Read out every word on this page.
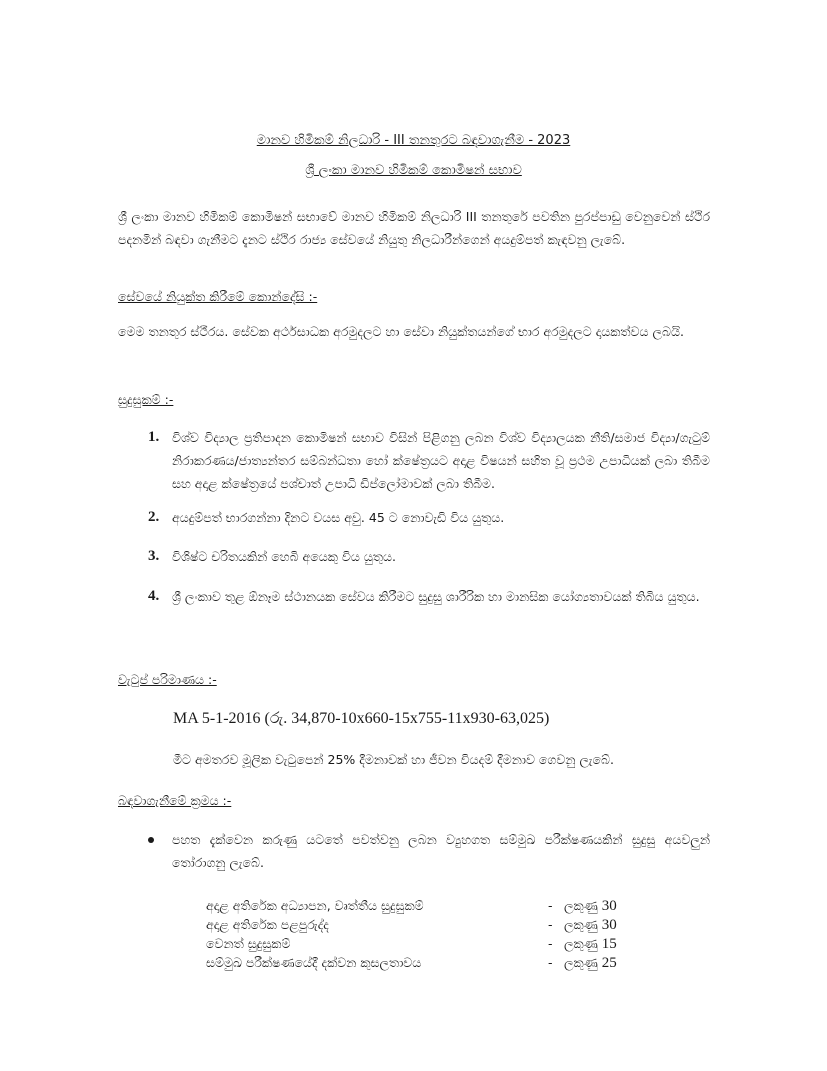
මානව හිමිකම් නිලධාරි - III තනතුරට බඳවාගැනීම - 2023
ශ්‍රී ලංකා මානව හිමිකම් කොමිෂන් සභාව
ශ්‍රී ලංකා මානව හිමිකම් කොමිෂන් සභාවේ මානව හිමිකම් නිලධාරි III තනතුරේ පවතින පුරප්පාඩු වෙනුවෙන් ස්ථිර පදනමින් බඳවා ගැනීමට දැනට ස්ථිර රාජ්‍ය සේවයේ නියුතු නිලධාරීන්ගෙන් අයදුම්පත් කැඳවනු ලැබේ.
සේවයේ නියුක්ත කිරීමේ කොන්දේසි :-
මෙම තනතුර ස්ථීරය. සේවක අර්ථසාධක අරමුදලට හා සේවා නියුක්තයන්ගේ භාර අරමුදලට දායකත්වය ලබයි.
සුදුසුකම් :-
1.	විශ්ව විද්‍යාල ප්‍රතිපාදන කොමිෂන් සභාව විසින් පිළිගනු ලබන විශ්ව විද්‍යාලයක නීති/සමාජ විද්‍යා/ගැටුම් නිරාකරණය/ජාත්‍යන්තර සම්බන්ධතා හෝ ක්ෂේත්‍රයට අදාළ විෂයන් සහිත වූ ප්‍රථම උපාධියක් ලබා තිබීම සහ අදාළ ක්ෂේත්‍රයේ පශ්චාත් උපාධි ඩිප්ලෝමාවක් ලබා තිබීම.
2.	අයදුම්පත් භාරගන්නා දිනට වයස අවු. 45 ට නොවැඩි විය යුතුය.
3.	විශිෂ්ට චරිතයකින් හෙබි අයෙකු විය යුතුය.
4.	ශ්‍රී ලංකාව තුළ ඕනෑම ස්ථානයක සේවය කිරීමට සුදුසු ශාරීරික හා මානසික යෝග්‍යතාවයක් තිබිය යුතුය.
වැටුප් පරිමාණය :-
MA 5-1-2016 (රු. 34,870-10x660-15x755-11x930-63,025)
මීට අමතරව මූලික වැටුපෙන් 25% දීමනාවක් හා ජීවන වියදම් දීමනාව ගෙවනු ලැබේ.
බඳවාගැනීමේ ක්‍රමය :-
පහත දැක්වෙන කරුණු යටතේ පවත්වනු ලබන ව්‍යුහගත සම්මුඛ පරීක්ෂණයකින් සුදුසු අයවලුන් තෝරාගනු ලැබේ.
අදාළ අතිරේක අධ්‍යාපන, වෘත්තීය සුදුසුකම්	- ලකුණු 30
අදාළ අතිරේක පළපුරුද්ද	- ලකුණු 30
වෙනත් සුදුසුකම්	- ලකුණු 15
සම්මුඛ පරීක්ෂණයේදී දක්වන කුසලතාවය	- ලකුණු 25
